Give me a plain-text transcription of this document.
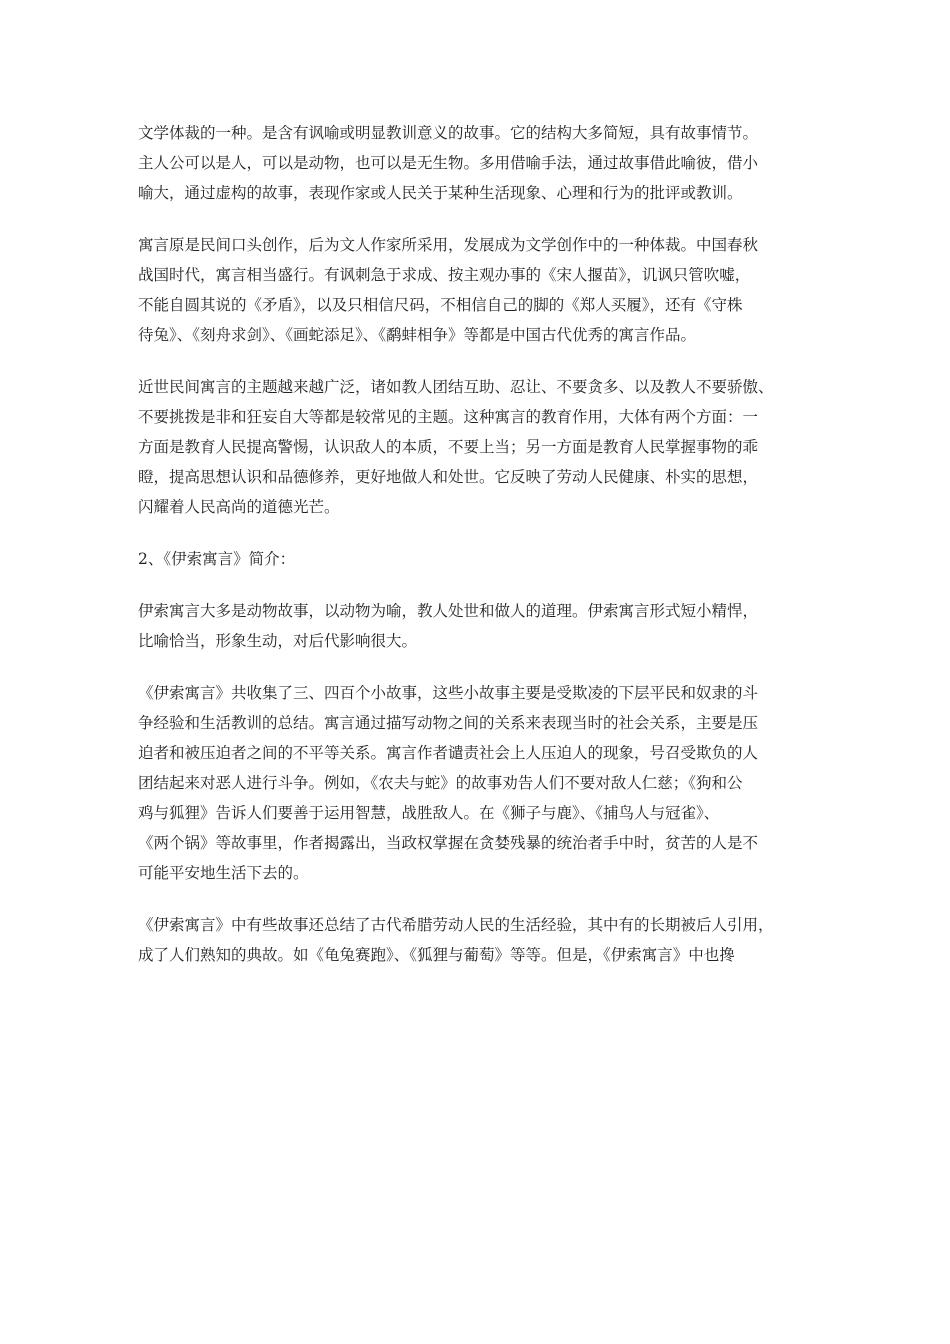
文学体裁的一种。是含有讽喻或明显教训意义的故事。它的结构大多简短，具有故事情节。
主人公可以是人，可以是动物，也可以是无生物。多用借喻手法，通过故事借此喻彼，借小
喻大，通过虚构的故事，表现作家或人民关于某种生活现象、心理和行为的批评或教训。

寓言原是民间口头创作，后为文人作家所采用，发展成为文学创作中的一种体裁。中国春秋
战国时代，寓言相当盛行。有讽刺急于求成、按主观办事的《宋人揠苗》，讥讽只管吹嘘，
不能自圆其说的《矛盾》，以及只相信尺码，不相信自己的脚的《郑人买履》，还有《守株
待兔》、《刻舟求剑》、《画蛇添足》、《鹬蚌相争》等都是中国古代优秀的寓言作品。

近世民间寓言的主题越来越广泛，诸如教人团结互助、忍让、不要贪多、以及教人不要骄傲、
不要挑拨是非和狂妄自大等都是较常见的主题。这种寓言的教育作用，大体有两个方面：一
方面是教育人民提高警惕，认识敌人的本质，不要上当；另一方面是教育人民掌握事物的乖
瞪，提高思想认识和品德修养，更好地做人和处世。它反映了劳动人民健康、朴实的思想，
闪耀着人民高尚的道德光芒。

2、《伊索寓言》简介：

伊索寓言大多是动物故事，以动物为喻，教人处世和做人的道理。伊索寓言形式短小精悍，
比喻恰当，形象生动，对后代影响很大。

《伊索寓言》共收集了三、四百个小故事，这些小故事主要是受欺凌的下层平民和奴隶的斗
争经验和生活教训的总结。寓言通过描写动物之间的关系来表现当时的社会关系，主要是压
迫者和被压迫者之间的不平等关系。寓言作者谴责社会上人压迫人的现象，号召受欺负的人
团结起来对恶人进行斗争。例如，《农夫与蛇》的故事劝告人们不要对敌人仁慈；《狗和公
鸡与狐狸》告诉人们要善于运用智慧，战胜敌人。在《狮子与鹿》、《捕鸟人与冠雀》、
《两个锅》等故事里，作者揭露出，当政权掌握在贪婪残暴的统治者手中时，贫苦的人是不
可能平安地生活下去的。

《伊索寓言》中有些故事还总结了古代希腊劳动人民的生活经验，其中有的长期被后人引用，
成了人们熟知的典故。如《龟兔赛跑》、《狐狸与葡萄》等等。但是，《伊索寓言》中也搀
